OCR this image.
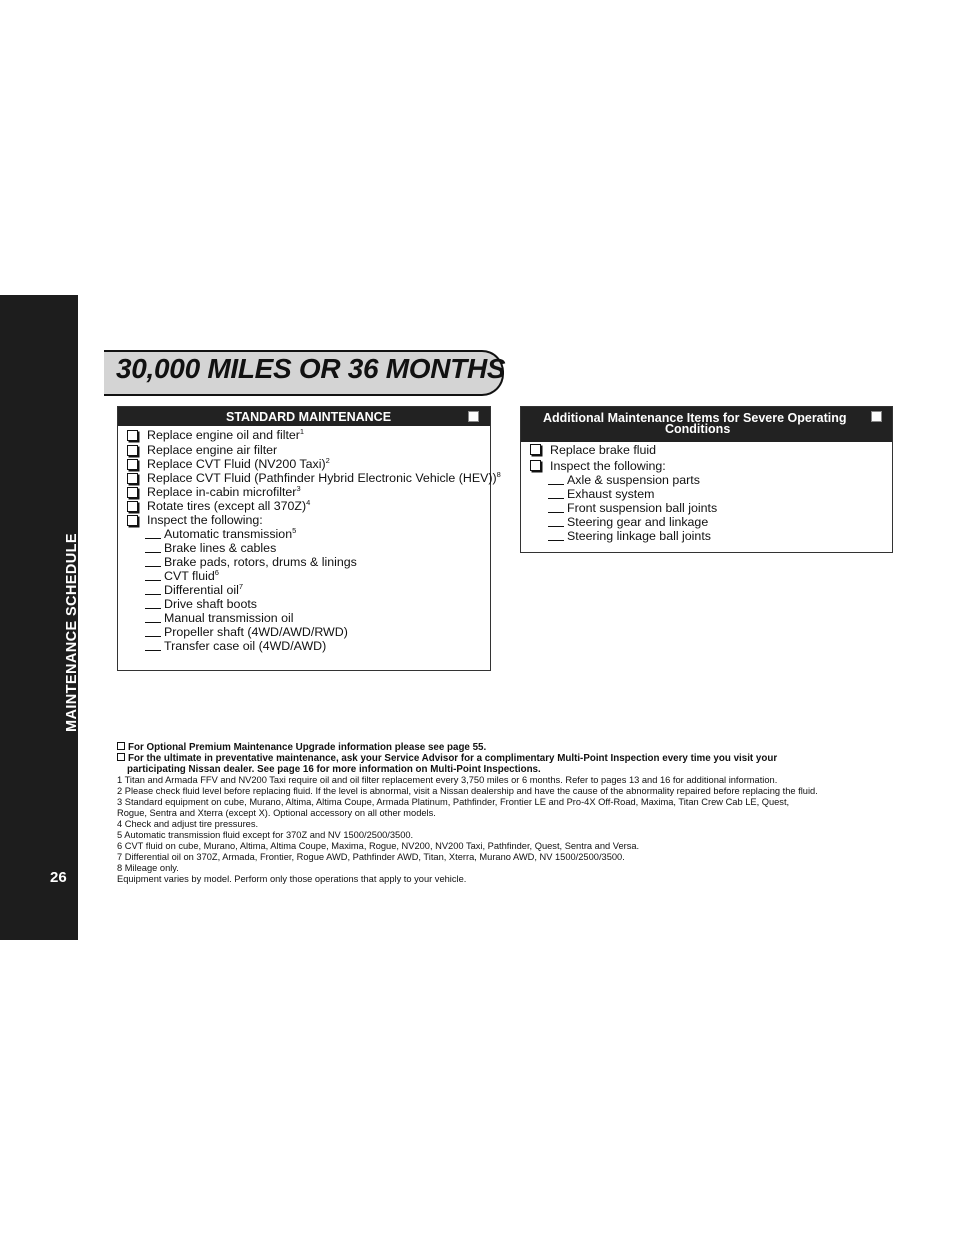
MAINTENANCE SCHEDULE
26
30,000 MILES OR 36 MONTHS
STANDARD MAINTENANCE
Replace engine oil and filter$^1$
Replace engine air filter
Replace CVT Fluid (NV200 Taxi)$^2$
Replace CVT Fluid (Pathfinder Hybrid Electronic Vehicle (HEV))$^8$
Replace in-cabin microfilter$^3$
Rotate tires (except all 370Z)$^4$
Inspect the following:
Automatic transmission$^5$
Brake lines & cables
Brake pads, rotors, drums & linings
CVT fluid$^6$
Differential oil$^7$
Drive shaft boots
Manual transmission oil
Propeller shaft (4WD/AWD/RWD)
Transfer case oil (4WD/AWD)
Additional Maintenance Items for Severe Operating
Conditions
Replace brake fluid
Inspect the following:
Axle & suspension parts
Exhaust system
Front suspension ball joints
Steering gear and linkage
Steering linkage ball joints
For Optional Premium Maintenance Upgrade information please see page 55.
For the ultimate in preventative maintenance, ask your Service Advisor for a complimentary Multi-Point Inspection every time you visit your
participating Nissan dealer. See page 16 for more information on Multi-Point Inspections.
1 Titan and Armada FFV and NV200 Taxi require oil and oil filter replacement every 3,750 miles or 6 months. Refer to pages 13 and 16 for additional information.
2 Please check fluid level before replacing fluid. If the level is abnormal, visit a Nissan dealership and have the cause of the abnormality repaired before replacing the fluid.
3 Standard equipment on cube, Murano, Altima, Altima Coupe, Armada Platinum, Pathfinder, Frontier LE and Pro-4X Off-Road, Maxima, Titan Crew Cab LE, Quest,
Rogue, Sentra and Xterra (except X). Optional accessory on all other models.
4 Check and adjust tire pressures.
5 Automatic transmission fluid except for 370Z and NV 1500/2500/3500.
6 CVT fluid on cube, Murano, Altima, Altima Coupe, Maxima, Rogue, NV200, NV200 Taxi, Pathfinder, Quest, Sentra and Versa.
7 Differential oil on 370Z, Armada, Frontier, Rogue AWD, Pathfinder AWD, Titan, Xterra, Murano AWD, NV 1500/2500/3500.
8 Mileage only.
Equipment varies by model. Perform only those operations that apply to your vehicle.
